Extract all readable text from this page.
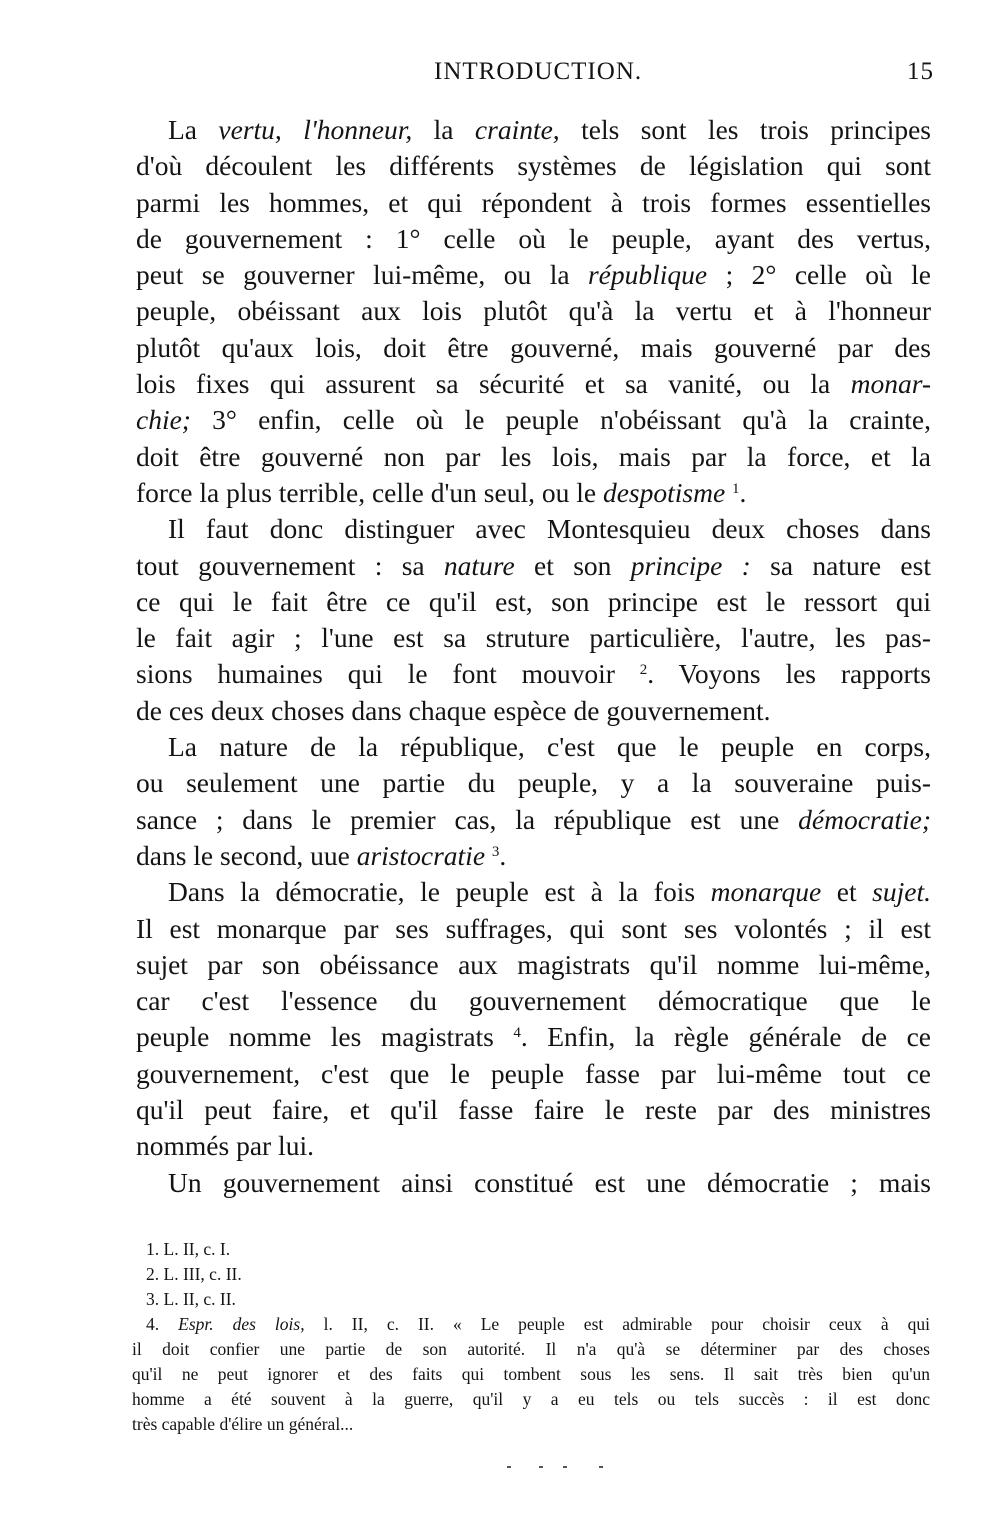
INTRODUCTION.	15
La vertu, l'honneur, la crainte, tels sont les trois principes
d'où découlent les différents systèmes de législation qui sont
parmi les hommes, et qui répondent à trois formes essentielles
de gouvernement : 1° celle où le peuple, ayant des vertus,
peut se gouverner lui-même, ou la république ; 2° celle où le
peuple, obéissant aux lois plutôt qu'à la vertu et à l'honneur
plutôt qu'aux lois, doit être gouverné, mais gouverné par des
lois fixes qui assurent sa sécurité et sa vanité, ou la monar-
chie; 3° enfin, celle où le peuple n'obéissant qu'à la crainte,
doit être gouverné non par les lois, mais par la force, et la
force la plus terrible, celle d'un seul, ou le despotisme $^1$.
Il faut donc distinguer avec Montesquieu deux choses dans
tout gouvernement : sa nature et son principe : sa nature est
ce qui le fait être ce qu'il est, son principe est le ressort qui
le fait agir ; l'une est sa struture particulière, l'autre, les pas-
sions humaines qui le font mouvoir $^2$. Voyons les rapports
de ces deux choses dans chaque espèce de gouvernement.
La nature de la république, c'est que le peuple en corps,
ou seulement une partie du peuple, y a la souveraine puis-
sance ; dans le premier cas, la république est une démocratie;
dans le second, uue aristocratie $^3$.
Dans la démocratie, le peuple est à la fois monarque et sujet.
Il est monarque par ses suffrages, qui sont ses volontés ; il est
sujet par son obéissance aux magistrats qu'il nomme lui-même,
car c'est l'essence du gouvernement démocratique que le
peuple nomme les magistrats $^4$. Enfin, la règle générale de ce
gouvernement, c'est que le peuple fasse par lui-même tout ce
qu'il peut faire, et qu'il fasse faire le reste par des ministres
nommés par lui.
Un gouvernement ainsi constitué est une démocratie ; mais
1. L. II, c. I.
2. L. III, c. II.
3. L. II, c. II.
4. Espr. des lois, l. II, c. II. « Le peuple est admirable pour choisir ceux à qui
il doit confier une partie de son autorité. Il n'a qu'à se déterminer par des choses
qu'il ne peut ignorer et des faits qui tombent sous les sens. Il sait très bien qu'un
homme a été souvent à la guerre, qu'il y a eu tels ou tels succès : il est donc
très capable d'élire un général...
